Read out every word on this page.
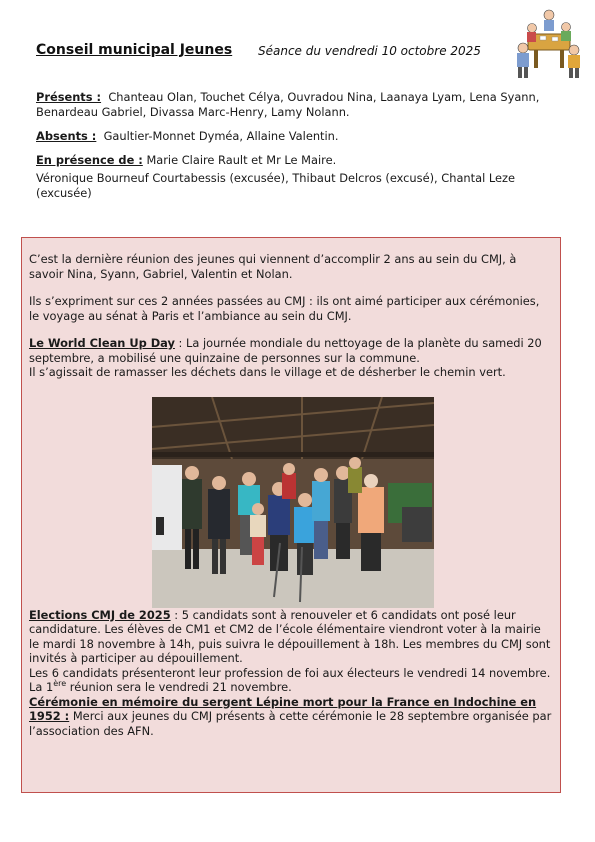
Conseil municipal Jeunes Séance du vendredi 10 octobre 2025

Présents : Chanteau Olan, Touchet Célya, Ouvradou Nina, Laanaya Lyam, Lena Syann, Benardeau Gabriel, Divassa Marc-Henry, Lamy Nolann.

Absents : Gaultier-Monnet Dyméa, Allaine Valentin.

En présence de : Marie Claire Rault et Mr Le Maire.

Véronique Bourneuf Courtabessis (excusée), Thibaut Delcros (excusé), Chantal Leze (excusée)

C’est la dernière réunion des jeunes qui viennent d’accomplir 2 ans au sein du CMJ, à savoir Nina, Syann, Gabriel, Valentin et Nolan.

Ils s’expriment sur ces 2 années passées au CMJ : ils ont aimé participer aux cérémonies, le voyage au sénat à Paris et l’ambiance au sein du CMJ.

Le World Clean Up Day : La journée mondiale du nettoyage de la planète du samedi 20 septembre, a mobilisé une quinzaine de personnes sur la commune.

Il s’agissait de ramasser les déchets dans le village et de désherber le chemin vert.

Elections CMJ de 2025 : 5 candidats sont à renouveler et 6 candidats ont posé leur candidature. Les élèves de CM1 et CM2 de l’école élémentaire viendront voter à la mairie le mardi 18 novembre à 14h, puis suivra le dépouillement à 18h. Les membres du CMJ sont invités à participer au dépouillement.

Les 6 candidats présenteront leur profession de foi aux électeurs le vendredi 14 novembre.

La 1ère réunion sera le vendredi 21 novembre.

Cérémonie en mémoire du sergent Lépine mort pour la France en Indochine en 1952 : Merci aux jeunes du CMJ présents à cette cérémonie le 28 septembre organisée par l’association des AFN.
